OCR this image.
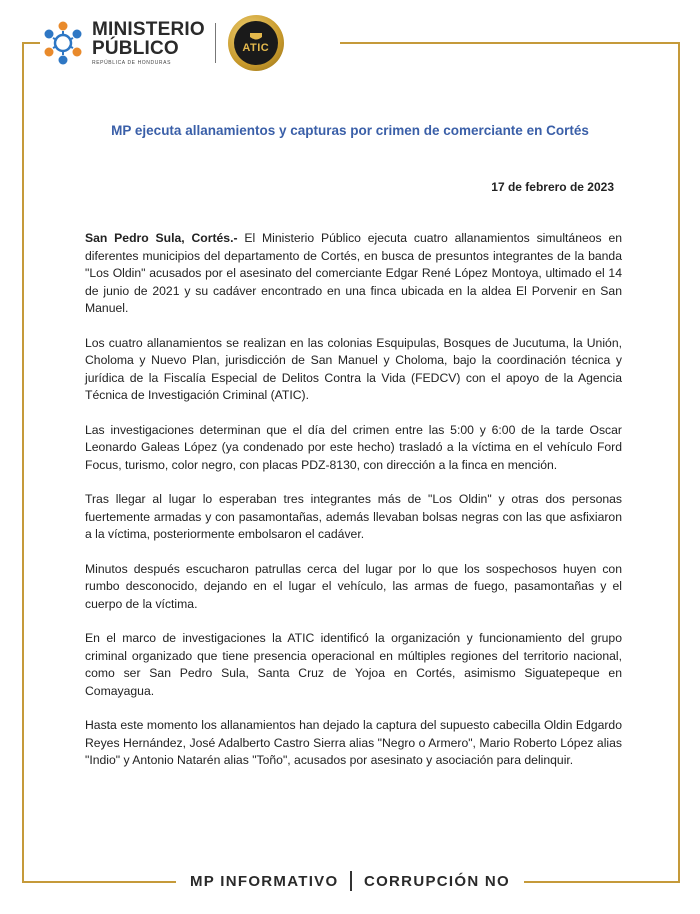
MINISTERIO
PÚBLICO
REPÚBLICA DE HONDURAS
ATIC
MP ejecuta allanamientos y capturas por crimen de comerciante en Cortés
17 de febrero de 2023

San Pedro Sula, Cortés.- El Ministerio Público ejecuta cuatro allanamientos simultáneos en diferentes municipios del departamento de Cortés, en busca de presuntos integrantes de la banda "Los Oldin" acusados por el asesinato del comerciante Edgar René López Montoya, ultimado el 14 de junio de 2021 y su cadáver encontrado en una finca ubicada en la aldea El Porvenir en San Manuel.

Los cuatro allanamientos se realizan en las colonias Esquipulas, Bosques de Jucutuma, la Unión, Choloma y Nuevo Plan, jurisdicción de San Manuel y Choloma, bajo la coordinación técnica y jurídica de la Fiscalía Especial de Delitos Contra la Vida (FEDCV) con el apoyo de la Agencia Técnica de Investigación Criminal (ATIC).

Las investigaciones determinan que el día del crimen entre las 5:00 y 6:00 de la tarde Oscar Leonardo Galeas López (ya condenado por este hecho) trasladó a la víctima en el vehículo Ford Focus, turismo, color negro, con placas PDZ-8130, con dirección a la finca en mención.

Tras llegar al lugar lo esperaban tres integrantes más de "Los Oldin" y otras dos personas fuertemente armadas y con pasamontañas, además llevaban bolsas negras con las que asfixiaron a la víctima, posteriormente embolsaron el cadáver.

Minutos después escucharon patrullas cerca del lugar por lo que los sospechosos huyen con rumbo desconocido, dejando en el lugar el vehículo, las armas de fuego, pasamontañas y el cuerpo de la víctima.

En el marco de investigaciones la ATIC identificó la organización y funcionamiento del grupo criminal organizado que tiene presencia operacional en múltiples regiones del territorio nacional, como ser San Pedro Sula, Santa Cruz de Yojoa en Cortés, asimismo Siguatepeque en Comayagua.

Hasta este momento los allanamientos han dejado la captura del supuesto cabecilla Oldin Edgardo Reyes Hernández, José Adalberto Castro Sierra alias "Negro o Armero", Mario Roberto López alias "Indio" y Antonio Natarén alias "Toño", acusados por asesinato y asociación para delinquir.

MP INFORMATIVO CORRUPCIÓN NO
